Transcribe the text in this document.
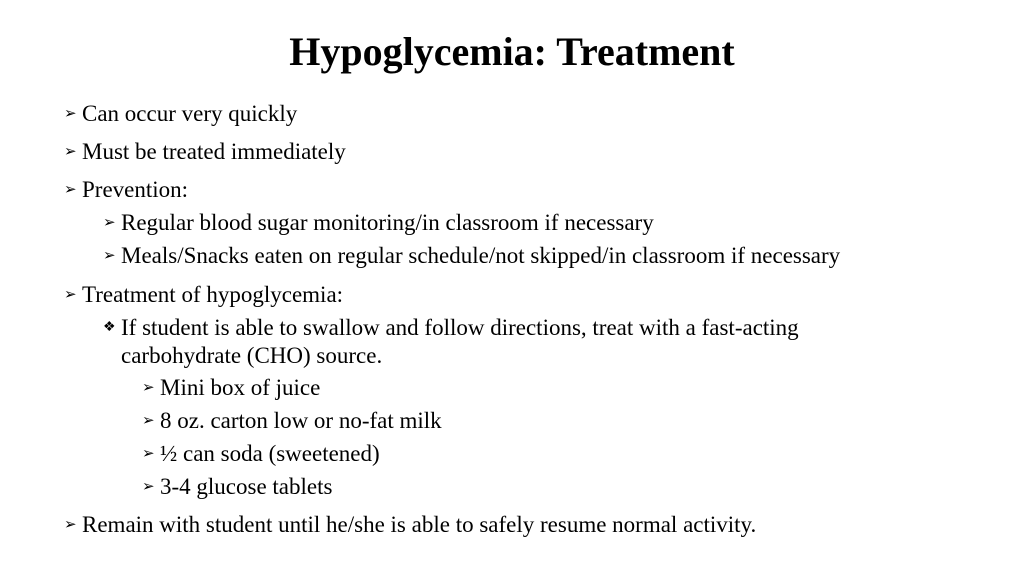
Hypoglycemia: Treatment
➢ Can occur very quickly
➢ Must be treated immediately
➢ Prevention:
➢ Regular blood sugar monitoring/in classroom if necessary
➢ Meals/Snacks eaten on regular schedule/not skipped/in classroom if necessary
➢ Treatment of hypoglycemia:
❖ If student is able to swallow and follow directions, treat with a fast-acting carbohydrate (CHO) source.
➢ Mini box of juice
➢ 8 oz. carton low or no-fat milk
➢ ½ can soda (sweetened)
➢ 3-4 glucose tablets
➢ Remain with student until he/she is able to safely resume normal activity.
